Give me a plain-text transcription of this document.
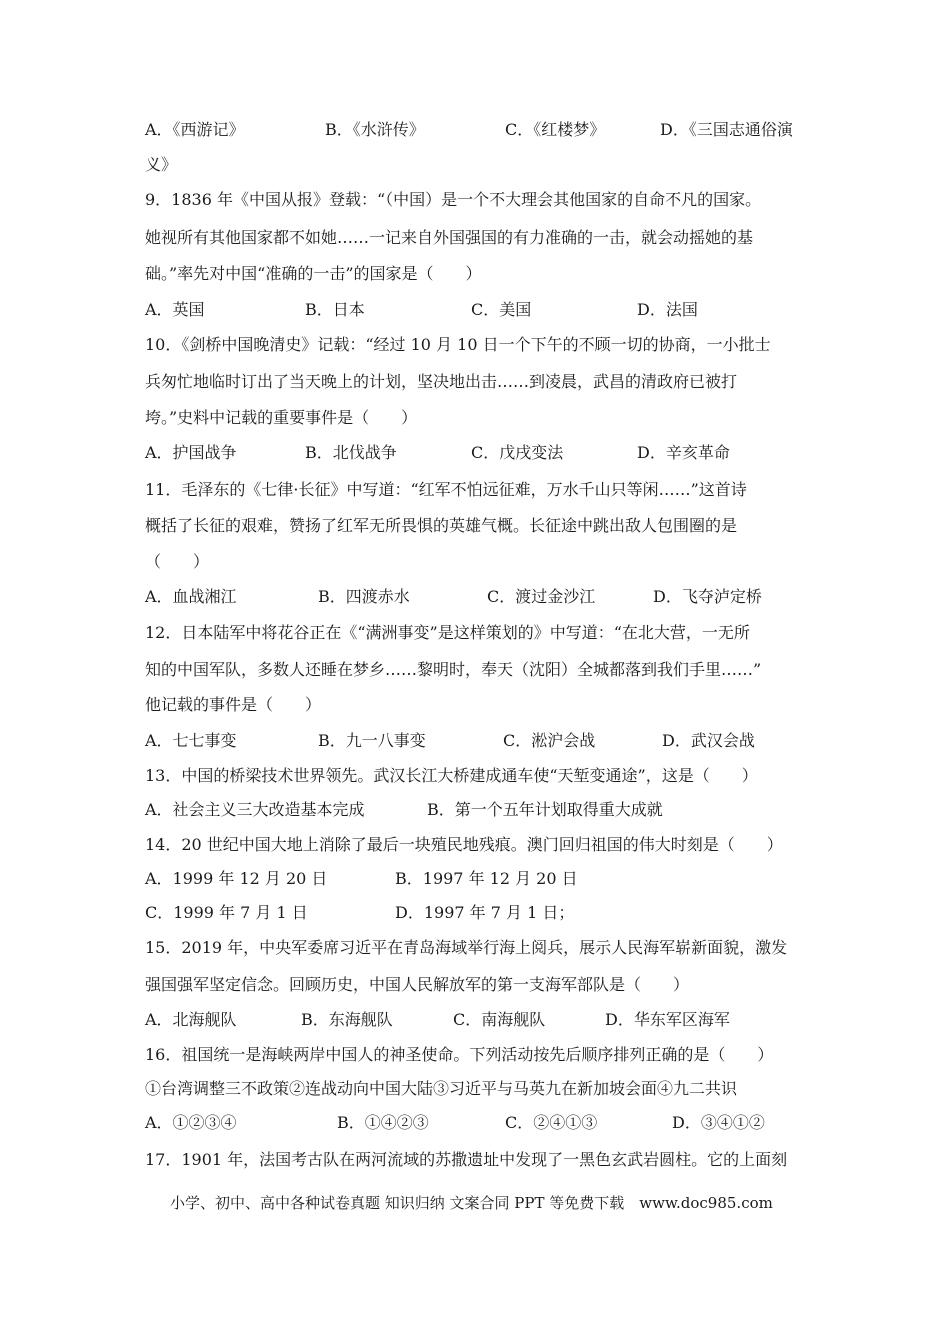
A．《西游记》	B．《水浒传》	C．《红楼梦》	D．《三国志通俗演
义》
9．1836 年《中国从报》登载：“（中国）是一个不大理会其他国家的自命不凡的国家。
她视所有其他国家都不如她……一记来自外国强国的有力准确的一击，就会动摇她的基
础。”率先对中国“准确的一击”的国家是（　　）
A．英国	B．日本	C．美国	D．法国
10．《剑桥中国晚清史》记载：“经过 10 月 10 日一个下午的不顾一切的协商，一小批士
兵匆忙地临时订出了当天晚上的计划，坚决地出击……到凌晨，武昌的清政府已被打
垮。”史料中记载的重要事件是（　　）
A．护国战争	B．北伐战争	C．戊戌变法	D．辛亥革命
11．毛泽东的《七律·长征》中写道：“红军不怕远征难，万水千山只等闲……”这首诗
概括了长征的艰难，赞扬了红军无所畏惧的英雄气概。长征途中跳出敌人包围圈的是
（　　）
A．血战湘江	B．四渡赤水	C．渡过金沙江	D．飞夺泸定桥
12．日本陆军中将花谷正在《“满洲事变”是这样策划的》中写道：“在北大营，一无所
知的中国军队，多数人还睡在梦乡……黎明时，奉天（沈阳）全城都落到我们手里……”
他记载的事件是（　　）
A．七七事变	B．九一八事变	C．淞沪会战	D．武汉会战
13．中国的桥梁技术世界领先。武汉长江大桥建成通车使“天堑变通途”，这是（　　）
A．社会主义三大改造基本完成	B．第一个五年计划取得重大成就
14．20 世纪中国大地上消除了最后一块殖民地残痕。澳门回归祖国的伟大时刻是（　　）
A．1999 年 12 月 20 日	B．1997 年 12 月 20 日
C．1999 年 7 月 1 日	D．1997 年 7 月 1 日；
15．2019 年，中央军委席习近平在青岛海域举行海上阅兵，展示人民海军崭新面貌，激发
强国强军坚定信念。回顾历史，中国人民解放军的第一支海军部队是（　　）
A．北海舰队	B．东海舰队	C．南海舰队	D．华东军区海军
16．祖国统一是海峡两岸中国人的神圣使命。下列活动按先后顺序排列正确的是（　　）
①台湾调整三不政策②连战动向中国大陆③习近平与马英九在新加坡会面④九二共识
A．①②③④	B．①④②③	C．②④①③	D．③④①②
17．1901 年，法国考古队在两河流域的苏撒遗址中发现了一黑色玄武岩圆柱。它的上面刻
小学、初中、高中各种试卷真题 知识归纳 文案合同 PPT 等免费下载　www.doc985.com
